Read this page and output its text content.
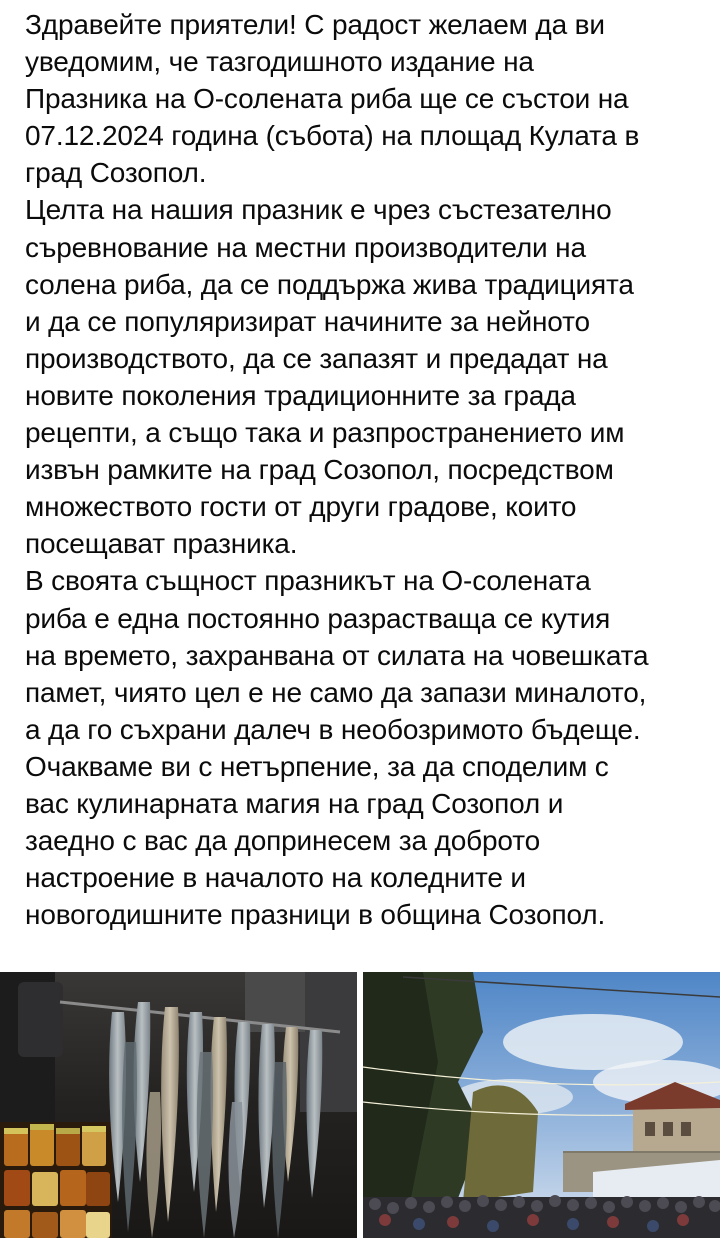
Здравейте приятели! С радост желаем да ви

уведомим, че тазгодишното издание на

Празника на О-солената риба ще се състои на

07.12.2024 година (събота) на площад Кулата в

град Созопол.

Целта на нашия празник е чрез състезателно

съревнование на местни производители на

солена риба, да се поддържа жива традицията

и да се популяризират начините за нейното

производството, да се запазят и предадат на

новите поколения традиционните за града

рецепти, а също така и разпространението им

извън рамките на град Созопол, посредством

множеството гости от други градове, които

посещават празника.

В своята същност празникът на О-солената

риба е една постоянно разрастваща се кутия

на времето, захранвана от силата на човешката

памет, чиято цел е не само да запази миналото,

а да го съхрани далеч в необозримото бъдеще.

Очакваме ви с нетърпение, за да споделим с

вас кулинарната магия на град Созопол и

заедно с вас да допринесем за доброто

настроение в началото на коледните и

новогодишните празници в община Созопол.
